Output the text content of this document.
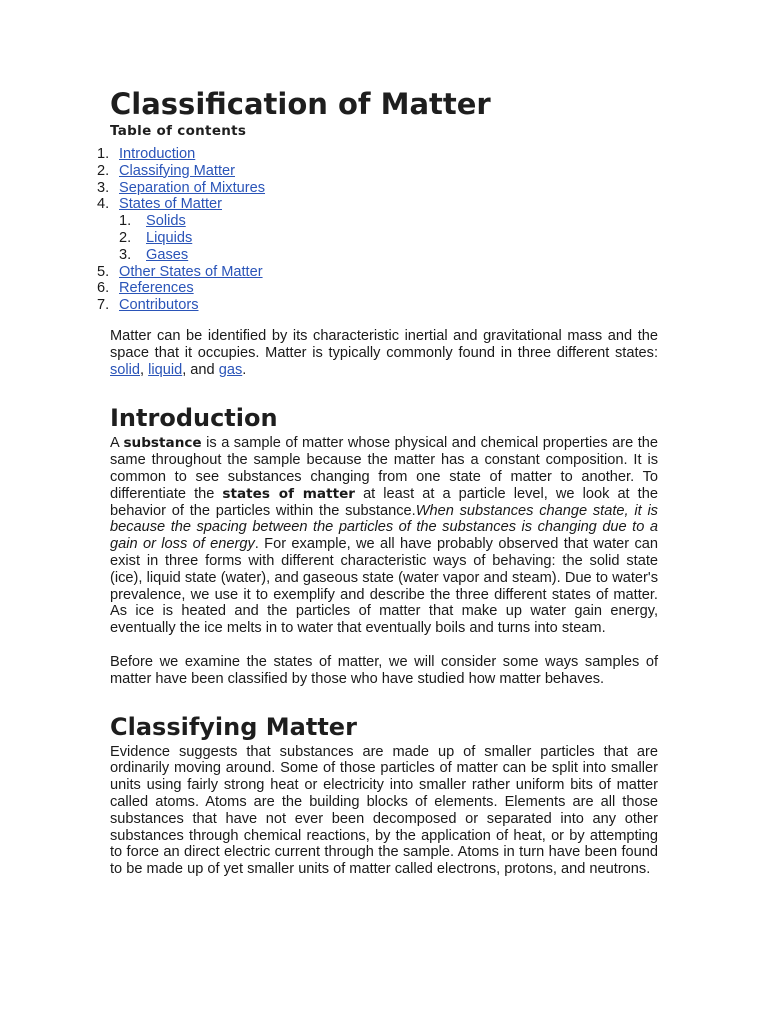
Classification of Matter
Table of contents
1. Introduction
2. Classifying Matter
3. Separation of Mixtures
4. States of Matter
1.	Solids
2.	Liquids
3.	Gases
5. Other States of Matter
6. References
7. Contributors

Matter can be identified by its characteristic inertial and gravitational mass and the space that it occupies. Matter is typically commonly found in three different states: solid, liquid, and gas.

Introduction

A substance is a sample of matter whose physical and chemical properties are the same throughout the sample because the matter has a constant composition. It is common to see substances changing from one state of matter to another. To differentiate the states of matter at least at a particle level, we look at the behavior of the particles within the substance.When substances change state, it is because the spacing between the particles of the substances is changing due to a gain or loss of energy. For example, we all have probably observed that water can exist in three forms with different characteristic ways of behaving: the solid state (ice), liquid state (water), and gaseous state (water vapor and steam). Due to water's prevalence, we use it to exemplify and describe the three different states of matter. As ice is heated and the particles of matter that make up water gain energy, eventually the ice melts in to water that eventually boils and turns into steam.

Before we examine the states of matter, we will consider some ways samples of matter have been classified by those who have studied how matter behaves.

Classifying Matter

Evidence suggests that substances are made up of smaller particles that are ordinarily moving around. Some of those particles of matter can be split into smaller units using fairly strong heat or electricity into smaller rather uniform bits of matter called atoms. Atoms are the building blocks of elements. Elements are all those substances that have not ever been decomposed or separated into any other substances through chemical reactions, by the application of heat, or by attempting to force an direct electric current through the sample. Atoms in turn have been found to be made up of yet smaller units of matter called electrons, protons, and neutrons.
